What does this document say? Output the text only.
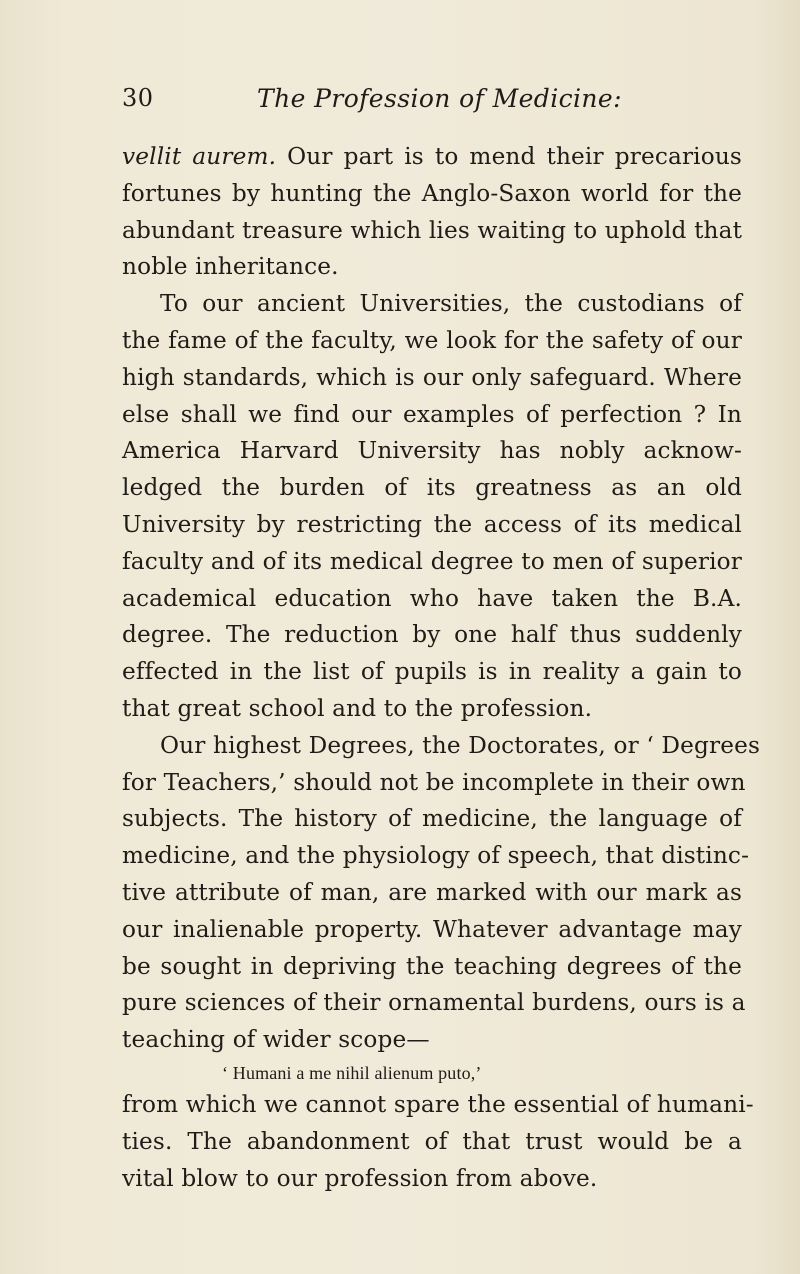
30	The Profession of Medicine:
vellit aurem. Our part is to mend their precarious
fortunes by hunting the Anglo-Saxon world for the
abundant treasure which lies waiting to uphold that
noble inheritance.
To our ancient Universities, the custodians of
the fame of the faculty, we look for the safety of our
high standards, which is our only safeguard. Where
else shall we find our examples of perfection ? In
America Harvard University has nobly acknow-
ledged the burden of its greatness as an old
University by restricting the access of its medical
faculty and of its medical degree to men of superior
academical education who have taken the B.A.
degree. The reduction by one half thus suddenly
effected in the list of pupils is in reality a gain to
that great school and to the profession.
Our highest Degrees, the Doctorates, or ‘ Degrees
for Teachers,’ should not be incomplete in their own
subjects. The history of medicine, the language of
medicine, and the physiology of speech, that distinc-
tive attribute of man, are marked with our mark as
our inalienable property. Whatever advantage may
be sought in depriving the teaching degrees of the
pure sciences of their ornamental burdens, ours is a
teaching of wider scope—

‘ Humani a me nihil alienum puto,’

from which we cannot spare the essential of humani-
ties. The abandonment of that trust would be a
vital blow to our profession from above.
